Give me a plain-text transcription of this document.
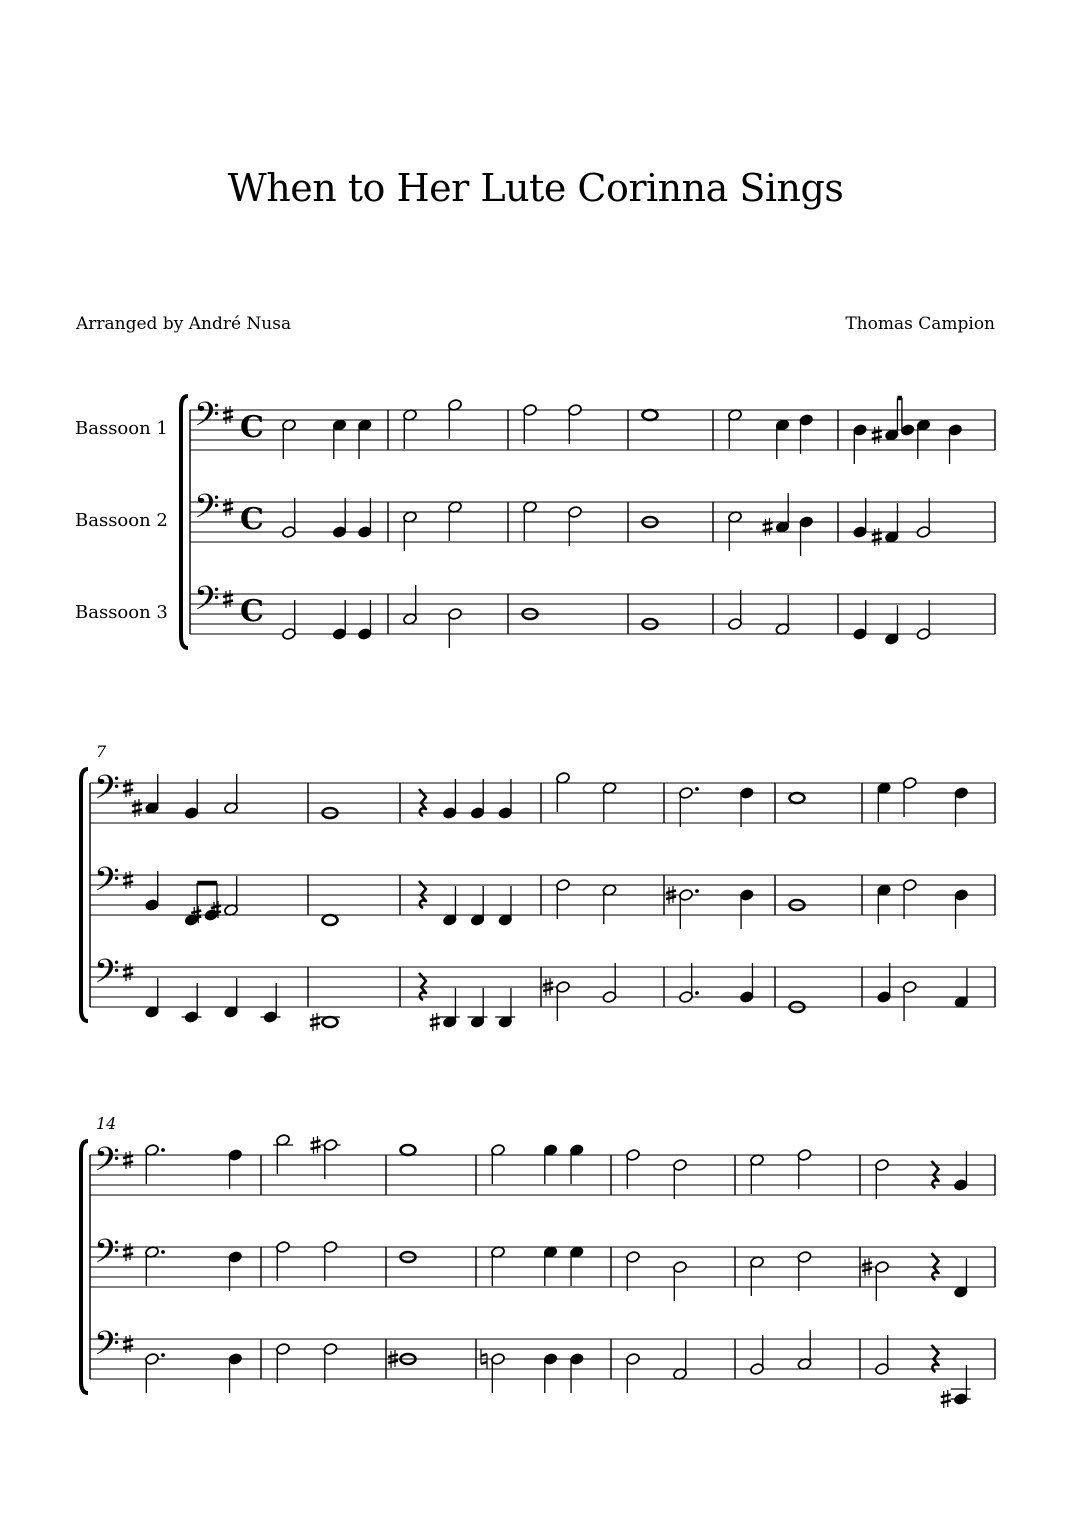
When to Her Lute Corinna Sings
Arranged by André Nusa	Thomas Campion
Bassoon 1 𝄢 C
Bassoon 2 𝄢 C
Bassoon 3 𝄢 C
7
𝄢
𝄢
𝄢
14
𝄢
𝄢
𝄢
